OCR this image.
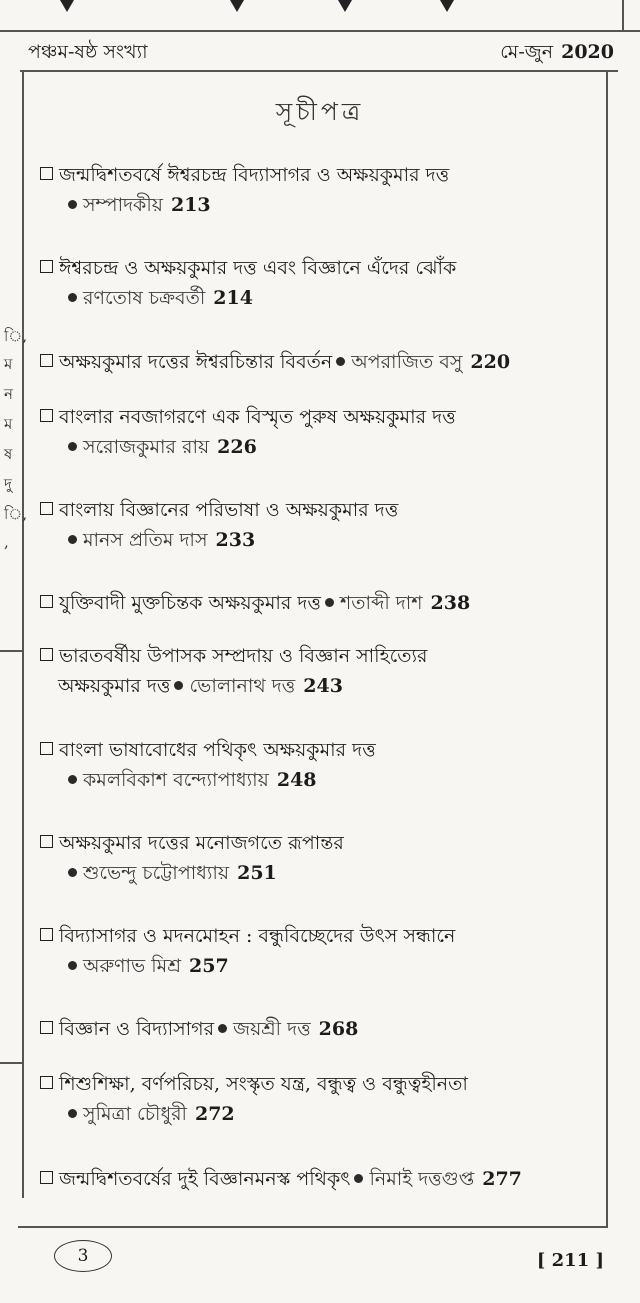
পঞ্চম-ষষ্ঠ সংখ্যা	মে-জুন 2020
ি,
ম
ন
ম
ষ
দু
ি,
,
সূচীপত্র
জন্মদ্বিশতবর্ষে ঈশ্বরচন্দ্র বিদ্যাসাগর ও অক্ষয়কুমার দত্ত
সম্পাদকীয় 213
ঈশ্বরচন্দ্র ও অক্ষয়কুমার দত্ত এবং বিজ্ঞানে এঁদের ঝোঁক
রণতোষ চক্রবর্তী 214
অক্ষয়কুমার দত্তের ঈশ্বরচিন্তার বিবর্তন অপরাজিত বসু 220
বাংলার নবজাগরণে এক বিস্মৃত পুরুষ অক্ষয়কুমার দত্ত
সরোজকুমার রায় 226
বাংলায় বিজ্ঞানের পরিভাষা ও অক্ষয়কুমার দত্ত
মানস প্রতিম দাস 233
যুক্তিবাদী মুক্তচিন্তক অক্ষয়কুমার দত্ত শতাব্দী দাশ 238
ভারতবর্ষীয় উপাসক সম্প্রদায় ও বিজ্ঞান সাহিত্যের
অক্ষয়কুমার দত্ত ভোলানাথ দত্ত 243
বাংলা ভাষাবোধের পথিকৃৎ অক্ষয়কুমার দত্ত
কমলবিকাশ বন্দ্যোপাধ্যায় 248
অক্ষয়কুমার দত্তের মনোজগতে রূপান্তর
শুভেন্দু চট্টোপাধ্যায় 251
বিদ্যাসাগর ও মদনমোহন : বন্ধুবিচ্ছেদের উৎস সন্ধানে
অরুণাভ মিশ্র 257
বিজ্ঞান ও বিদ্যাসাগর জয়শ্রী দত্ত 268
শিশুশিক্ষা, বর্ণপরিচয়, সংস্কৃত যন্ত্র, বন্ধুত্ব ও বন্ধুত্বহীনতা
সুমিত্রা চৌধুরী 272
জন্মদ্বিশতবর্ষের দুই বিজ্ঞানমনস্ক পথিকৃৎ নিমাই দত্তগুপ্ত 277
3	[ 211 ]
